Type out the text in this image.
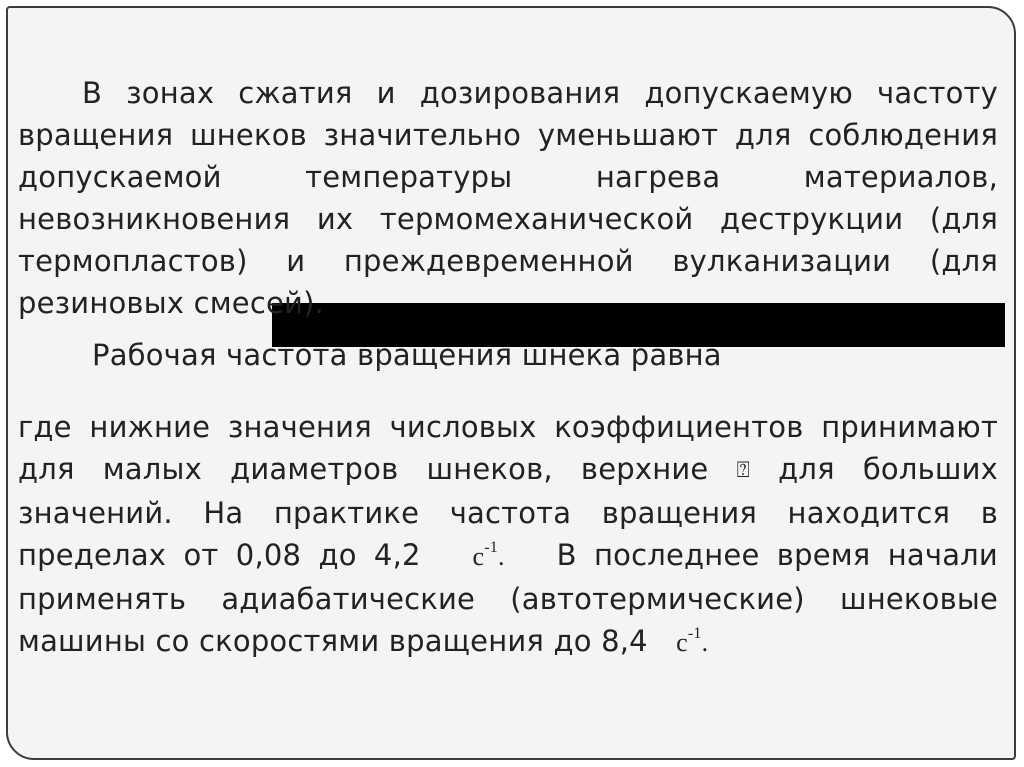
В зонах сжатия и дозирования допускаемую частоту вращения шнеков значительно уменьшают для соблюдения допускаемой температуры нагрева материалов, невозникновения их термомеханической деструкции (для термопластов) и преждевременной вулканизации (для резиновых смесей).

Рабочая частота вращения шнека равна

где нижние значения числовых коэффициентов принимают для малых диаметров шнеков, верхние ⍰ для больших значений. На практике частота вращения находится в пределах от 0,08 до 4,2 $с^{-1}$. В последнее время начали применять адиабатические (автотермические) шнековые машины со скоростями вращения до 8,4 $с^{-1}$.
